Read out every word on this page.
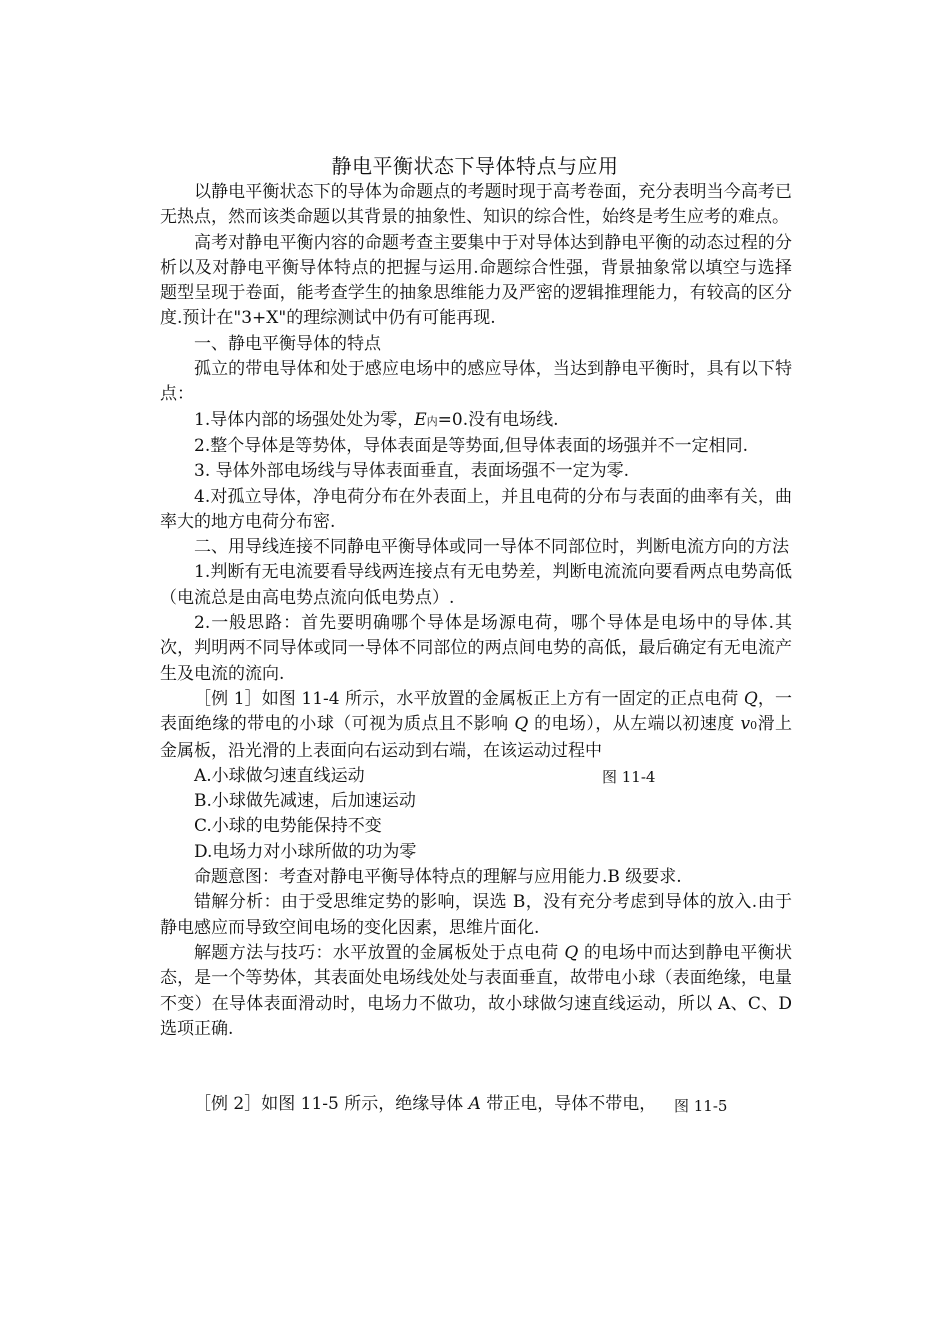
静电平衡状态下导体特点与应用

以静电平衡状态下的导体为命题点的考题时现于高考卷面，充分表明当今高考已无热点，然而该类命题以其背景的抽象性、知识的综合性，始终是考生应考的难点。

高考对静电平衡内容的命题考查主要集中于对导体达到静电平衡的动态过程的分析以及对静电平衡导体特点的把握与运用.命题综合性强，背景抽象常以填空与选择题型呈现于卷面，能考查学生的抽象思维能力及严密的逻辑推理能力，有较高的区分度.预计在"3+X"的理综测试中仍有可能再现.

一、静电平衡导体的特点

孤立的带电导体和处于感应电场中的感应导体，当达到静电平衡时，具有以下特点：

1.导体内部的场强处处为零，E内=0.没有电场线.

2.整个导体是等势体，导体表面是等势面,但导体表面的场强并不一定相同.

3. 导体外部电场线与导体表面垂直，表面场强不一定为零.

4.对孤立导体，净电荷分布在外表面上，并且电荷的分布与表面的曲率有关，曲率大的地方电荷分布密.

二、用导线连接不同静电平衡导体或同一导体不同部位时，判断电流方向的方法

1.判断有无电流要看导线两连接点有无电势差，判断电流流向要看两点电势高低（电流总是由高电势点流向低电势点）.

2.一般思路：首先要明确哪个导体是场源电荷，哪个导体是电场中的导体.其次，判明两不同导体或同一导体不同部位的两点间电势的高低，最后确定有无电流产生及电流的流向.

［例 1］如图 11-4 所示，水平放置的金属板正上方有一固定的正点电荷 Q，一表面绝缘的带电的小球（可视为质点且不影响 Q 的电场），从左端以初速度 v0滑上金属板，沿光滑的上表面向右运动到右端，在该运动过程中

A.小球做匀速直线运动

B.小球做先减速，后加速运动

C.小球的电势能保持不变

D.电场力对小球所做的功为零

图 11-4

命题意图：考查对静电平衡导体特点的理解与应用能力.B 级要求.

错解分析：由于受思维定势的影响，误选 B，没有充分考虑到导体的放入.由于静电感应而导致空间电场的变化因素，思维片面化.

解题方法与技巧：水平放置的金属板处于点电荷 Q 的电场中而达到静电平衡状态，是一个等势体，其表面处电场线处处与表面垂直，故带电小球（表面绝缘，电量不变）在导体表面滑动时，电场力不做功，故小球做匀速直线运动，所以 A、C、D 选项正确.

［例 2］如图 11-5 所示，绝缘导体 A 带正电，导体不带电， 图 11-5
